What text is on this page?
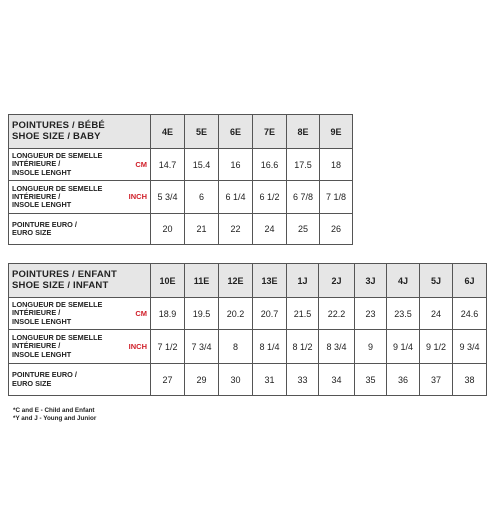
POINTURES / BÉBÉ
SHOE SIZE / BABY	4E	5E	6E	7E	8E	9E

LONGUEUR DE SEMELLE
INTÉRIEURE /
INSOLE LENGHT
CM	14.7	15.4	16	16.6	17.5	18

LONGUEUR DE SEMELLE
INTÉRIEURE /
INSOLE LENGHT
INCH	5 3/4	6	6 1/4	6 1/2	6 7/8	7 1/8

POINTURE EURO /
EURO SIZE	20	21	22	24	25	26
POINTURES / ENFANT
SHOE SIZE / INFANT	10E	11E	12E	13E	1J	2J	3J	4J	5J	6J

LONGUEUR DE SEMELLE
INTÉRIEURE /
INSOLE LENGHT
CM	18.9	19.5	20.2	20.7	21.5	22.2	23	23.5	24	24.6

LONGUEUR DE SEMELLE
INTÉRIEURE /
INSOLE LENGHT
INCH	7 1/2	7 3/4	8	8 1/4	8 1/2	8 3/4	9	9 1/4	9 1/2	9 3/4

POINTURE EURO /
EURO SIZE	27	29	30	31	33	34	35	36	37	38
*C and E - Child and Enfant
*Y and J - Young and Junior
